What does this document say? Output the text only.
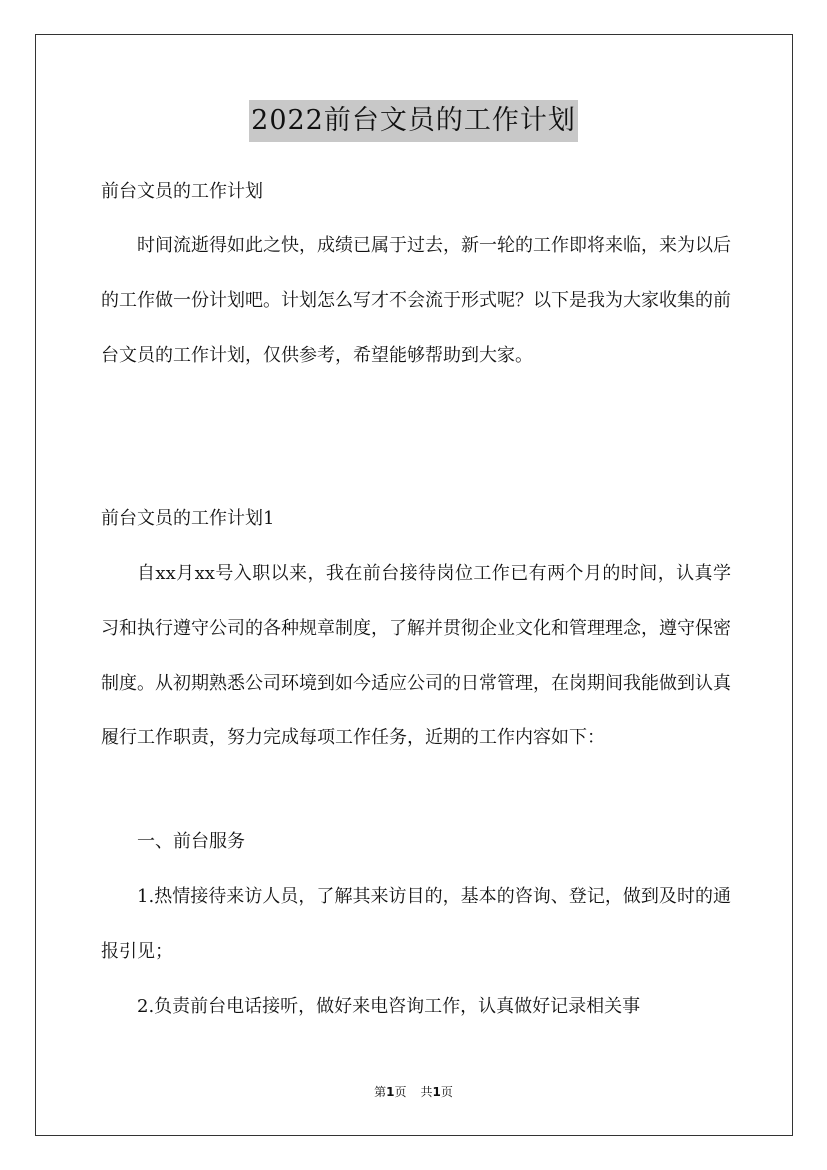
2022前台文员的工作计划
前台文员的工作计划
时间流逝得如此之快，成绩已属于过去，新一轮的工作即将来临，来为以后的工作做一份计划吧。计划怎么写才不会流于形式呢？以下是我为大家收集的前台文员的工作计划，仅供参考，希望能够帮助到大家。
前台文员的工作计划1
自xx月xx号入职以来，我在前台接待岗位工作已有两个月的时间，认真学习和执行遵守公司的各种规章制度，了解并贯彻企业文化和管理理念，遵守保密制度。从初期熟悉公司环境到如今适应公司的日常管理，在岗期间我能做到认真履行工作职责，努力完成每项工作任务，近期的工作内容如下：
一、前台服务
1.热情接待来访人员，了解其来访目的，基本的咨询、登记，做到及时的通报引见；
2.负责前台电话接听，做好来电咨询工作，认真做好记录相关事
第1页 共1页
